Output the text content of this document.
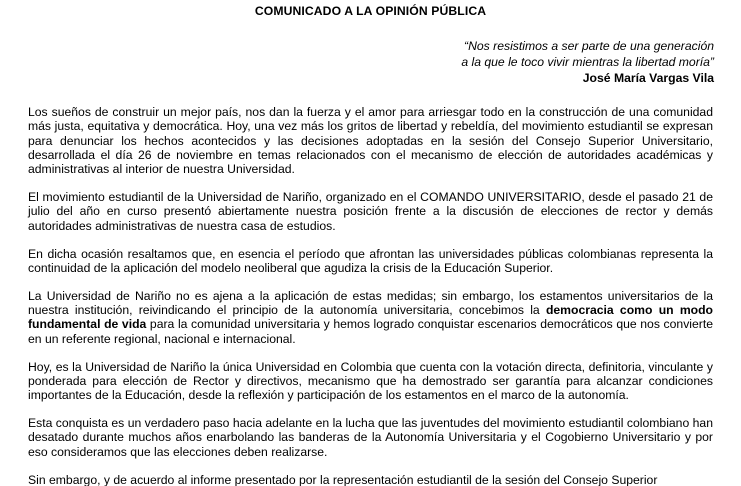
COMUNICADO A LA OPINIÓN PÚBLICA
“Nos resistimos a ser parte de una generación
a la que le toco vivir mientras la libertad moría”
José María Vargas Vila

Los sueños de construir un mejor país, nos dan la fuerza y el amor para arriesgar todo en la construcción de una comunidad más justa, equitativa y democrática. Hoy, una vez más los gritos de libertad y rebeldía, del movimiento estudiantil se expresan para denunciar los hechos acontecidos y las decisiones adoptadas en la sesión del Consejo Superior Universitario, desarrollada el día 26 de noviembre en temas relacionados con el mecanismo de elección de autoridades académicas y administrativas al interior de nuestra Universidad.

El movimiento estudiantil de la Universidad de Nariño, organizado en el COMANDO UNIVERSITARIO, desde el pasado 21 de julio del año en curso presentó abiertamente nuestra posición frente a la discusión de elecciones de rector y demás autoridades administrativas de nuestra casa de estudios.

En dicha ocasión resaltamos que, en esencia el período que afrontan las universidades públicas colombianas representa la continuidad de la aplicación del modelo neoliberal que agudiza la crisis de la Educación Superior.

La Universidad de Nariño no es ajena a la aplicación de estas medidas; sin embargo, los estamentos universitarios de la nuestra institución, reivindicando el principio de la autonomía universitaria, concebimos la democracia como un modo fundamental de vida para la comunidad universitaria y hemos logrado conquistar escenarios democráticos que nos convierte en un referente regional, nacional e internacional.

Hoy, es la Universidad de Nariño la única Universidad en Colombia que cuenta con la votación directa, definitoria, vinculante y ponderada para elección de Rector y directivos, mecanismo que ha demostrado ser garantía para alcanzar condiciones importantes de la Educación, desde la reflexión y participación de los estamentos en el marco de la autonomía.

Esta conquista es un verdadero paso hacia adelante en la lucha que las juventudes del movimiento estudiantil colombiano han desatado durante muchos años enarbolando las banderas de la Autonomía Universitaria y el Cogobierno Universitario y por eso consideramos que las elecciones deben realizarse.

Sin embargo, y de acuerdo al informe presentado por la representación estudiantil de la sesión del Consejo Superior
